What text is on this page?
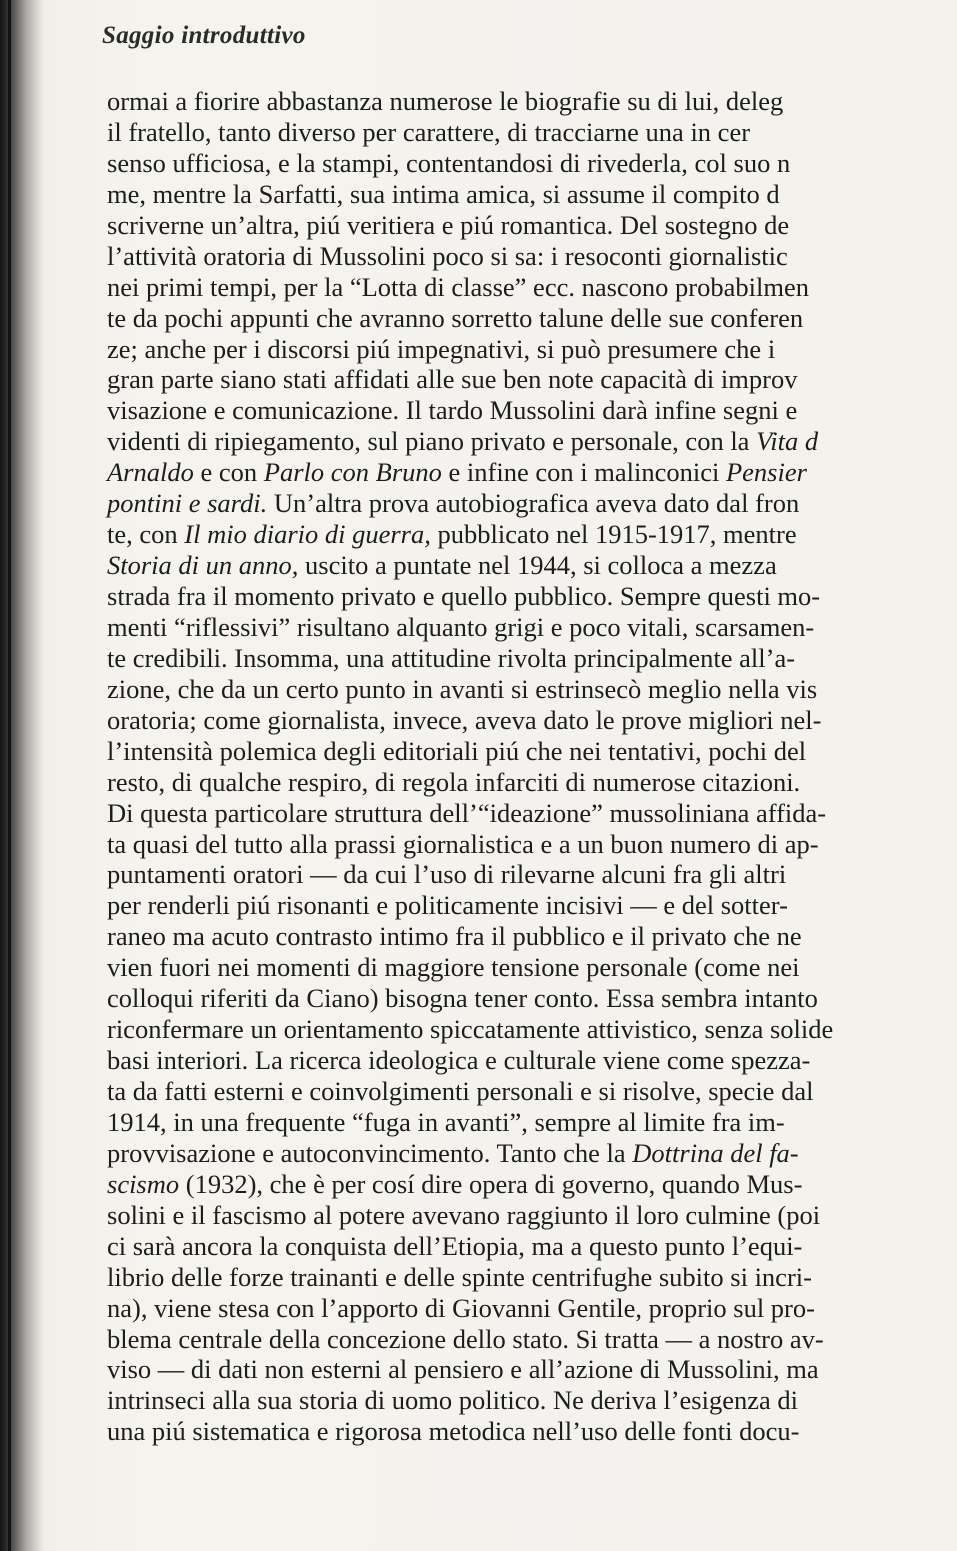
Saggio introduttivo
ormai a fiorire abbastanza numerose le biografie su di lui, deleg
il fratello, tanto diverso per carattere, di tracciarne una in cer
senso ufficiosa, e la stampi, contentandosi di rivederla, col suo n
me, mentre la Sarfatti, sua intima amica, si assume il compito d
scriverne un’altra, piú veritiera e piú romantica. Del sostegno de
l’attività oratoria di Mussolini poco si sa: i resoconti giornalistic
nei primi tempi, per la “Lotta di classe” ecc. nascono probabilmen
te da pochi appunti che avranno sorretto talune delle sue conferen
ze; anche per i discorsi piú impegnativi, si può presumere che i
gran parte siano stati affidati alle sue ben note capacità di improv
visazione e comunicazione. Il tardo Mussolini darà infine segni e
videnti di ripiegamento, sul piano privato e personale, con la Vita d
Arnaldo e con Parlo con Bruno e infine con i malinconici Pensier
pontini e sardi. Un’altra prova autobiografica aveva dato dal fron
te, con Il mio diario di guerra, pubblicato nel 1915-1917, mentre
Storia di un anno, uscito a puntate nel 1944, si colloca a mezza
strada fra il momento privato e quello pubblico. Sempre questi mo-
menti “riflessivi” risultano alquanto grigi e poco vitali, scarsamen-
te credibili. Insomma, una attitudine rivolta principalmente all’a-
zione, che da un certo punto in avanti si estrinsecò meglio nella vis
oratoria; come giornalista, invece, aveva dato le prove migliori nel-
l’intensità polemica degli editoriali piú che nei tentativi, pochi del
resto, di qualche respiro, di regola infarciti di numerose citazioni.
Di questa particolare struttura dell’“ideazione” mussoliniana affida-
ta quasi del tutto alla prassi giornalistica e a un buon numero di ap-
puntamenti oratori — da cui l’uso di rilevarne alcuni fra gli altri
per renderli piú risonanti e politicamente incisivi — e del sotter-
raneo ma acuto contrasto intimo fra il pubblico e il privato che ne
vien fuori nei momenti di maggiore tensione personale (come nei
colloqui riferiti da Ciano) bisogna tener conto. Essa sembra intanto
riconfermare un orientamento spiccatamente attivistico, senza solide
basi interiori. La ricerca ideologica e culturale viene come spezza-
ta da fatti esterni e coinvolgimenti personali e si risolve, specie dal
1914, in una frequente “fuga in avanti”, sempre al limite fra im-
provvisazione e autoconvincimento. Tanto che la Dottrina del fa-
scismo (1932), che è per cosí dire opera di governo, quando Mus-
solini e il fascismo al potere avevano raggiunto il loro culmine (poi
ci sarà ancora la conquista dell’Etiopia, ma a questo punto l’equi-
librio delle forze trainanti e delle spinte centrifughe subito si incri-
na), viene stesa con l’apporto di Giovanni Gentile, proprio sul pro-
blema centrale della concezione dello stato. Si tratta — a nostro av-
viso — di dati non esterni al pensiero e all’azione di Mussolini, ma
intrinseci alla sua storia di uomo politico. Ne deriva l’esigenza di
una piú sistematica e rigorosa metodica nell’uso delle fonti docu-
